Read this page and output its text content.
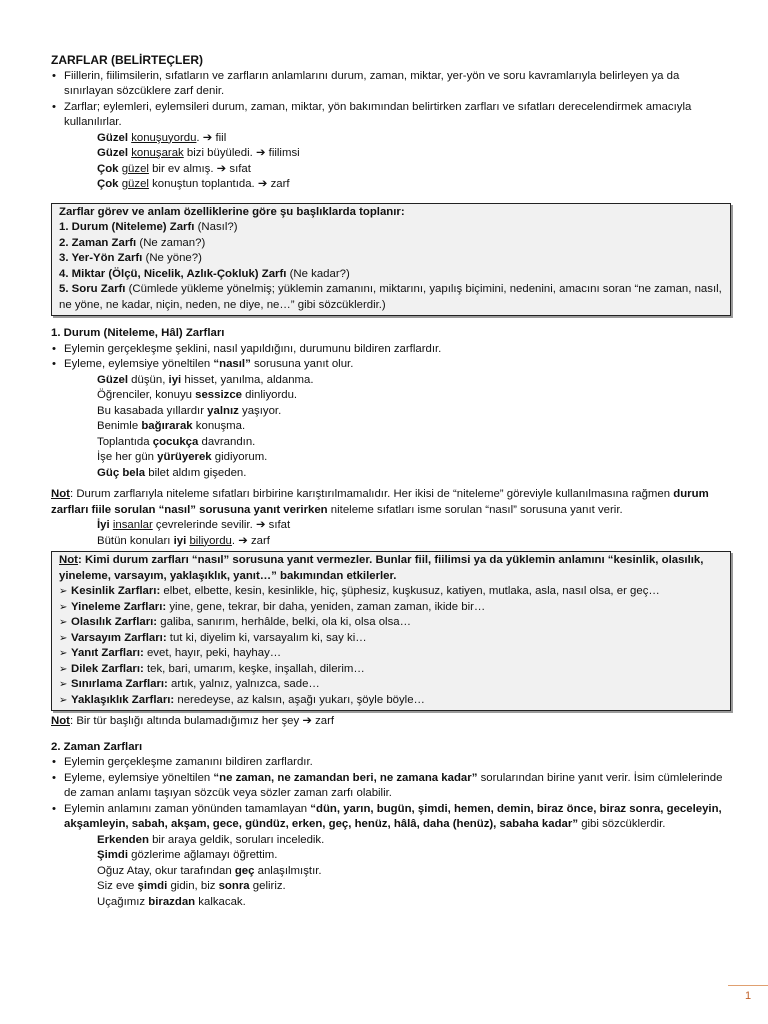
ZARFLAR (BELİRTEÇLER)
• Fiillerin, fiilimsilerin, sıfatların ve zarfların anlamlarını durum, zaman, miktar, yer-yön ve soru kavramlarıyla belirleyen ya da sınırlayan sözcüklere zarf denir.
• Zarflar; eylemleri, eylemsileri durum, zaman, miktar, yön bakımından belirtirken zarfları ve sıfatları derecelendirmek amacıyla kullanılırlar.
Güzel konuşuyordu. ➔ fiil
Güzel konuşarak bizi büyüledi. ➔ fiilimsi
Çok güzel bir ev almış. ➔ sıfat
Çok güzel konuştun toplantıda. ➔ zarf
Zarflar görev ve anlam özelliklerine göre şu başlıklarda toplanır:
1. Durum (Niteleme) Zarfı (Nasıl?)
2. Zaman Zarfı (Ne zaman?)
3. Yer-Yön Zarfı (Ne yöne?)
4. Miktar (Ölçü, Nicelik, Azlık-Çokluk) Zarfı (Ne kadar?)
5. Soru Zarfı (Cümlede yükleme yönelmiş; yüklemin zamanını, miktarını, yapılış biçimini, nedenini, amacını soran “ne zaman, nasıl, ne yöne, ne kadar, niçin, neden, ne diye, ne…” gibi sözcüklerdir.)
1. Durum (Niteleme, Hâl) Zarfları
• Eylemin gerçekleşme şeklini, nasıl yapıldığını, durumunu bildiren zarflardır.
• Eyleme, eylemsiye yöneltilen “nasıl” sorusuna yanıt olur.
Güzel düşün, iyi hisset, yanılma, aldanma.
Öğrenciler, konuyu sessizce dinliyordu.
Bu kasabada yıllardır yalnız yaşıyor.
Benimle bağırarak konuşma.
Toplantıda çocukça davrandın.
İşe her gün yürüyerek gidiyorum.
Güç bela bilet aldım gişeden.
Not: Durum zarflarıyla niteleme sıfatları birbirine karıştırılmamalıdır. Her ikisi de “niteleme” göreviyle kullanılmasına rağmen durum zarfları fiile sorulan “nasıl” sorusuna yanıt verirken niteleme sıfatları isme sorulan “nasıl” sorusuna yanıt verir.
İyi insanlar çevrelerinde sevilir. ➔ sıfat
Bütün konuları iyi biliyordu. ➔ zarf
Not: Kimi durum zarfları “nasıl” sorusuna yanıt vermezler. Bunlar fiil, fiilimsi ya da yüklemin anlamını “kesinlik, olasılık, yineleme, varsayım, yaklaşıklık, yanıt…” bakımından etkilerler.
➢ Kesinlik Zarfları: elbet, elbette, kesin, kesinlikle, hiç, şüphesiz, kuşkusuz, katiyen, mutlaka, asla, nasıl olsa, er geç…
➢ Yineleme Zarfları: yine, gene, tekrar, bir daha, yeniden, zaman zaman, ikide bir…
➢ Olasılık Zarfları: galiba, sanırım, herhâlde, belki, ola ki, olsa olsa…
➢ Varsayım Zarfları: tut ki, diyelim ki, varsayalım ki, say ki…
➢ Yanıt Zarfları: evet, hayır, peki, hayhay…
➢ Dilek Zarfları: tek, bari, umarım, keşke, inşallah, dilerim…
➢ Sınırlama Zarfları: artık, yalnız, yalnızca, sade…
➢ Yaklaşıklık Zarfları: neredeyse, az kalsın, aşağı yukarı, şöyle böyle…
Not: Bir tür başlığı altında bulamadığımız her şey ➔ zarf
2. Zaman Zarfları
• Eylemin gerçekleşme zamanını bildiren zarflardır.
• Eyleme, eylemsiye yöneltilen “ne zaman, ne zamandan beri, ne zamana kadar” sorularından birine yanıt verir. İsim cümlelerinde de zaman anlamı taşıyan sözcük veya sözler zaman zarfı olabilir.
• Eylemin anlamını zaman yönünden tamamlayan “dün, yarın, bugün, şimdi, hemen, demin, biraz önce, biraz sonra, geceleyin, akşamleyin, sabah, akşam, gece, gündüz, erken, geç, henüz, hâlâ, daha (henüz), sabaha kadar” gibi sözcüklerdir.
Erkenden bir araya geldik, soruları inceledik.
Şimdi gözlerime ağlamayı öğrettim.
Oğuz Atay, okur tarafından geç anlaşılmıştır.
Siz eve şimdi gidin, biz sonra geliriz.
Uçağımız birazdan kalkacak.
1
